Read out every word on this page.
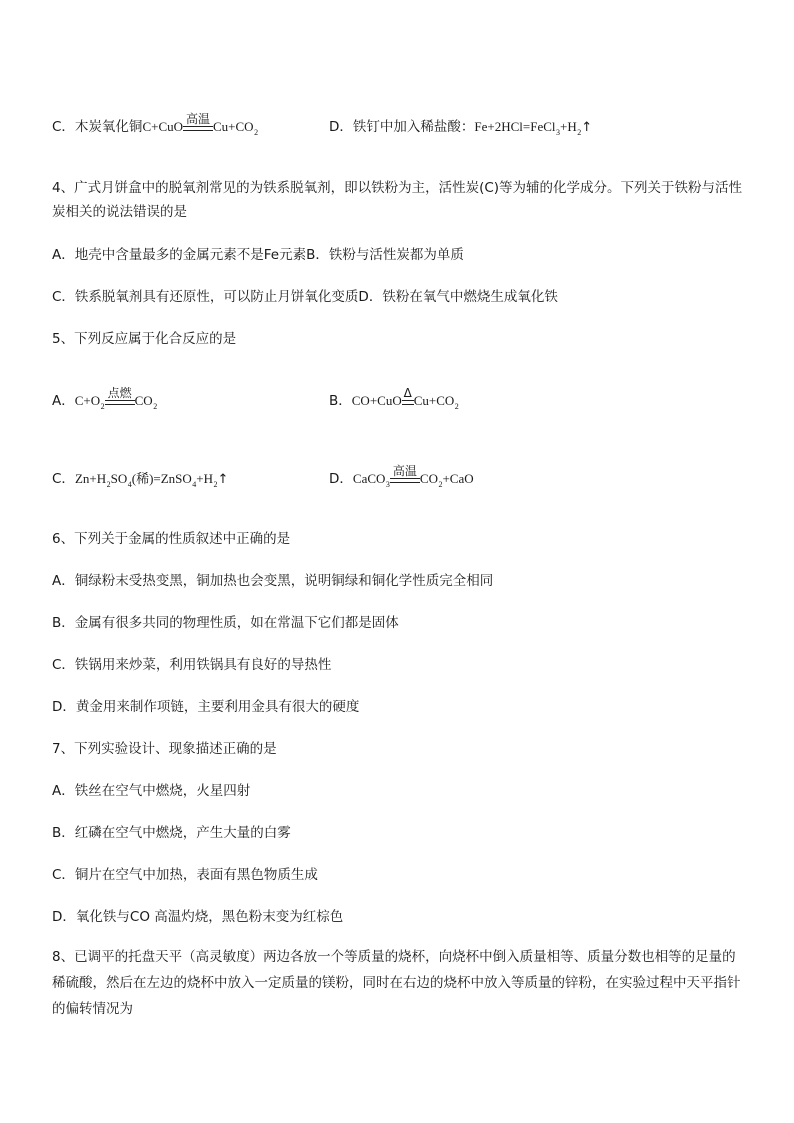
C．木炭氧化铜C+CuO 高温 $Cu+CO_2$	D．铁钉中加入稀盐酸：$Fe+2HCl=FeCl_3+H_2↑$
4、广式月饼盒中的脱氧剂常见的为铁系脱氧剂，即以铁粉为主，活性炭(C)等为辅的化学成分。下列关于铁粉与活性炭相关的说法错误的是
A．地壳中含量最多的金属元素不是Fe元素B．铁粉与活性炭都为单质
C．铁系脱氧剂具有还原性，可以防止月饼氧化变质D．铁粉在氧气中燃烧生成氧化铁
5、下列反应属于化合反应的是
A．$C+O_2$
点燃 $CO_2$	B．CO+CuO Δ $Cu+CO_2$
C．$Zn+H_2SO_4$(稀)$=ZnSO_4+H_2↑$	D．CaCO$_3$
高温 $CO_2+CaO$
6、下列关于金属的性质叙述中正确的是
A．铜绿粉末受热变黑，铜加热也会变黑，说明铜绿和铜化学性质完全相同
B．金属有很多共同的物理性质，如在常温下它们都是固体
C．铁锅用来炒菜，利用铁锅具有良好的导热性
D．黄金用来制作项链，主要利用金具有很大的硬度
7、下列实验设计、现象描述正确的是
A．铁丝在空气中燃烧，火星四射
B．红磷在空气中燃烧，产生大量的白雾
C．铜片在空气中加热，表面有黑色物质生成
D．氧化铁与CO 高温灼烧，黑色粉末变为红棕色
8、已调平的托盘天平（高灵敏度）两边各放一个等质量的烧杯，向烧杯中倒入质量相等、质量分数也相等的足量的稀硫酸，然后在左边的烧杯中放入一定质量的镁粉，同时在右边的烧杯中放入等质量的锌粉，在实验过程中天平指针的偏转情况为
